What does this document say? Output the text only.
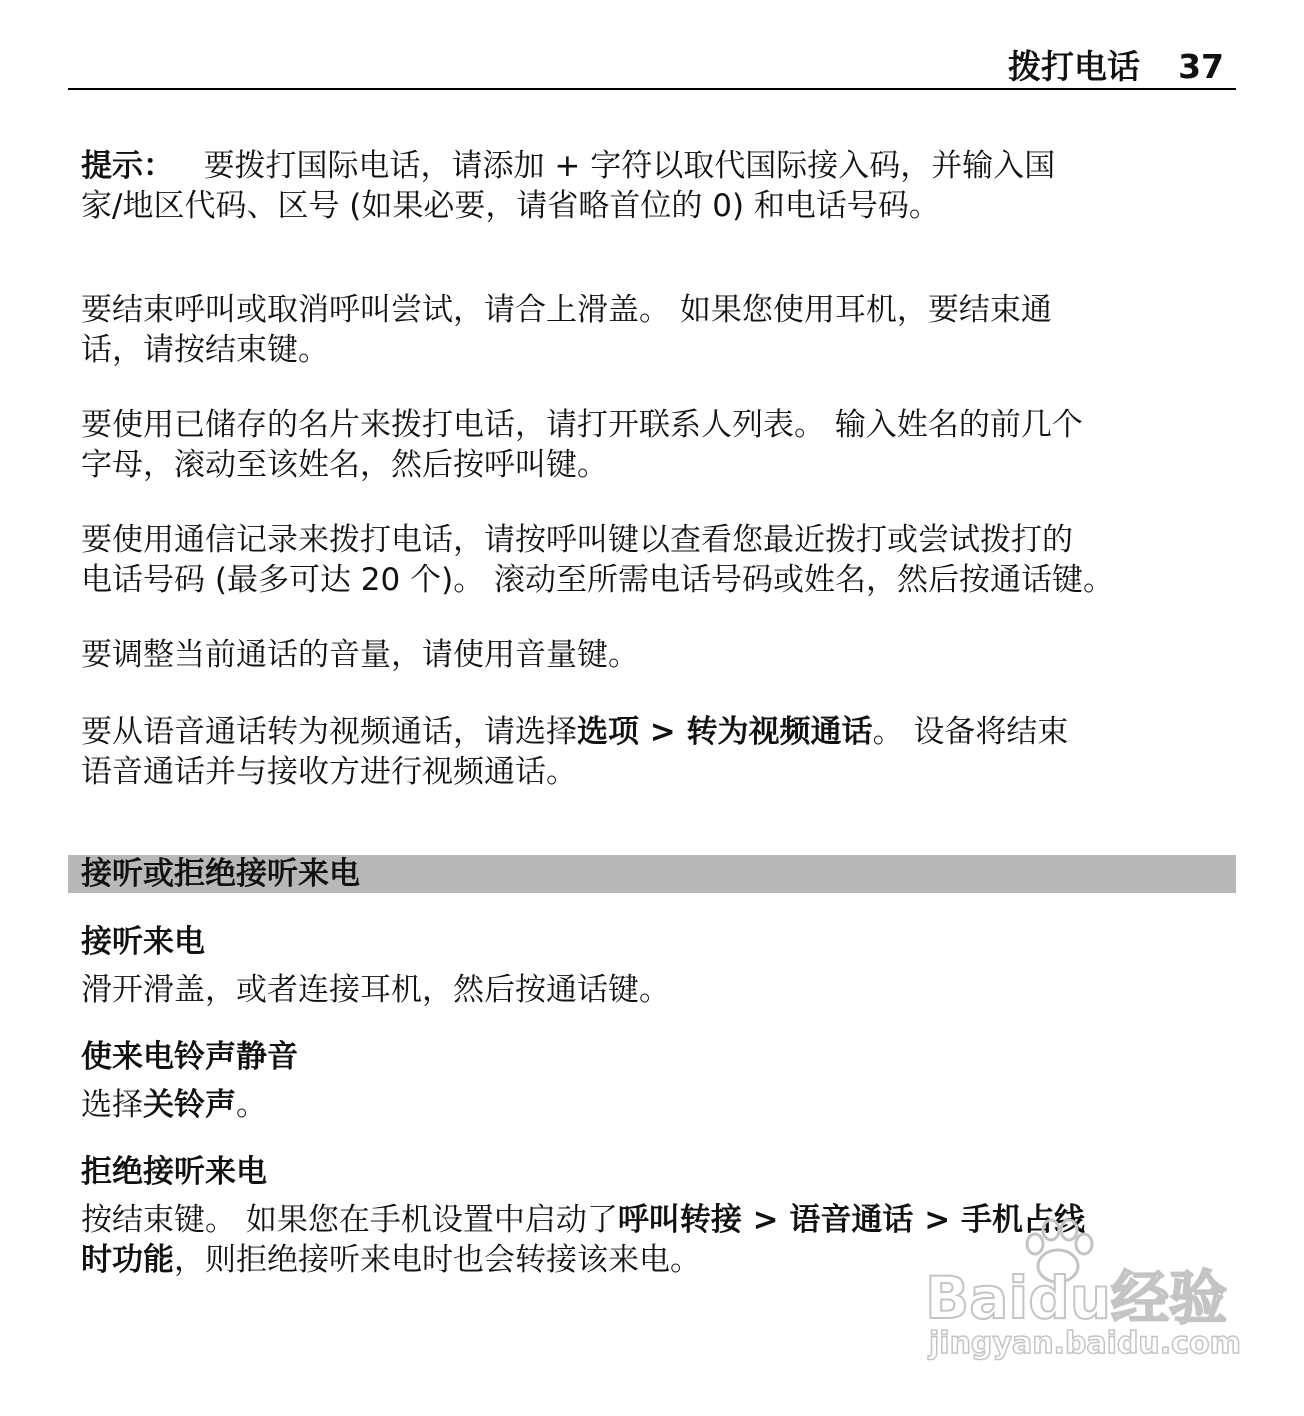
拨打电话 37

提示： 要拨打国际电话，请添加 + 字符以取代国际接入码，并输入国
家/地区代码、区号 (如果必要，请省略首位的 0) 和电话号码。

要结束呼叫或取消呼叫尝试，请合上滑盖。 如果您使用耳机，要结束通
话，请按结束键。

要使用已储存的名片来拨打电话，请打开联系人列表。 输入姓名的前几个
字母，滚动至该姓名，然后按呼叫键。

要使用通信记录来拨打电话，请按呼叫键以查看您最近拨打或尝试拨打的
电话号码 (最多可达 20 个)。 滚动至所需电话号码或姓名，然后按通话键。

要调整当前通话的音量，请使用音量键。

要从语音通话转为视频通话，请选择选项 > 转为视频通话。 设备将结束
语音通话并与接收方进行视频通话。

接听或拒绝接听来电
接听来电

滑开滑盖，或者连接耳机，然后按通话键。

使来电铃声静音

选择关铃声。

拒绝接听来电

按结束键。 如果您在手机设置中启动了呼叫转接 > 语音通话 > 手机占线
时功能，则拒绝接听来电时也会转接该来电。

Baidu经验
jingyan.baidu.com
